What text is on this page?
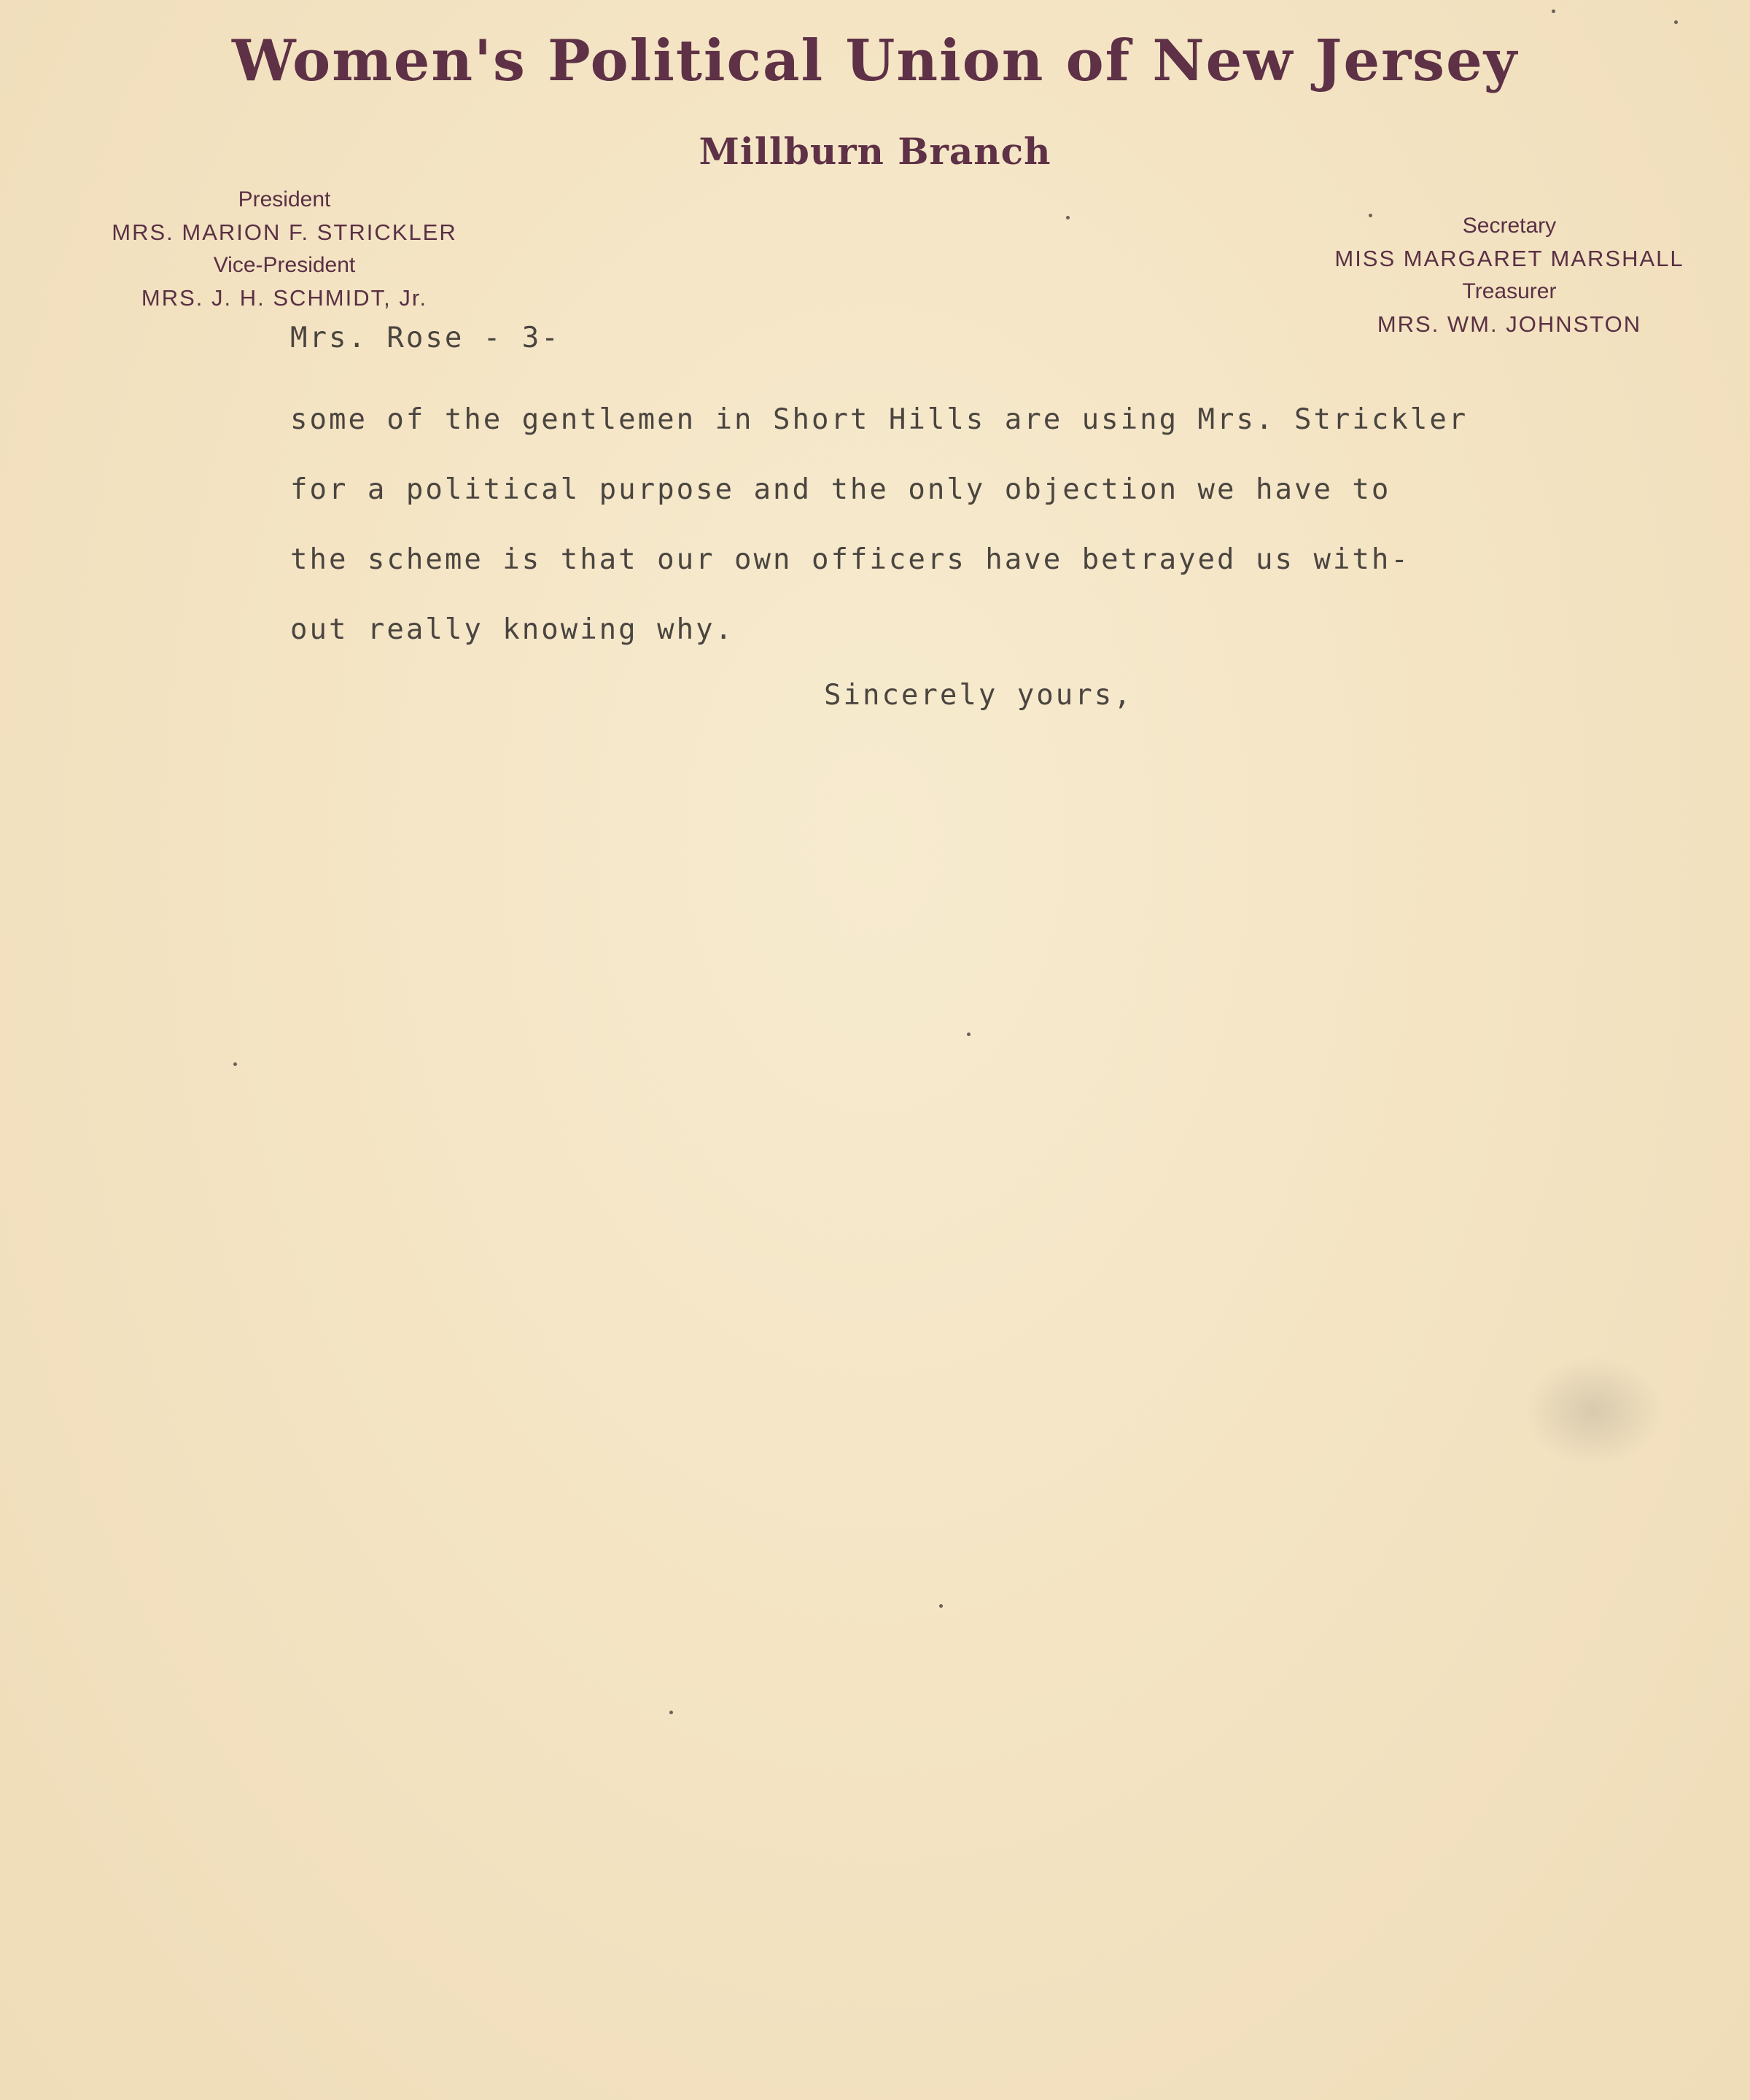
Women's Political Union of New Jersey
Millburn Branch
President
MRS. MARION F. STRICKLER
Vice-President
MRS. J. H. SCHMIDT, Jr.
Secretary
MISS MARGARET MARSHALL
Treasurer
MRS. WM. JOHNSTON
Mrs. Rose - 3-
some of the gentlemen in Short Hills are using Mrs. Strickler
for a political purpose and the only objection we have to
the scheme is that our own officers have betrayed us with-
out really knowing why.
Sincerely yours,
